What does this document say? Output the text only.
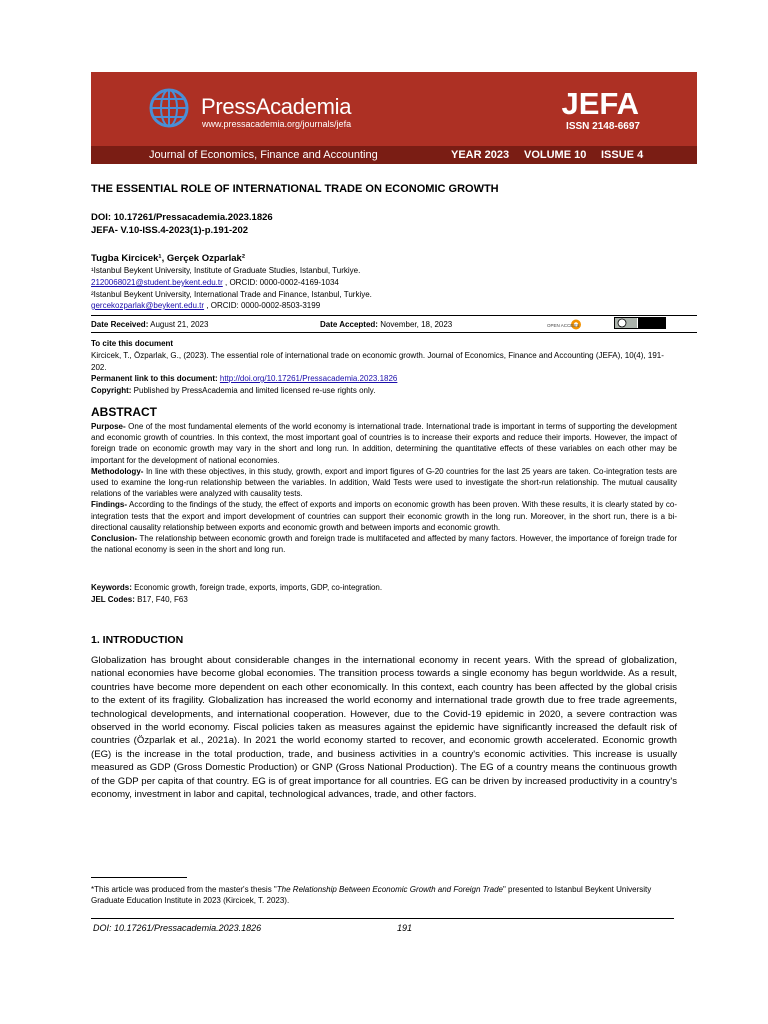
PressAcademia
www.pressacademia.org/journals/jefa
JEFA
ISSN 2148-6697
Journal of Economics, Finance and Accounting	YEAR 2023 VOLUME 10 ISSUE 4
THE ESSENTIAL ROLE OF INTERNATIONAL TRADE ON ECONOMIC GROWTH
DOI: 10.17261/Pressacademia.2023.1826
JEFA- V.10-ISS.4-2023(1)-p.191-202
Tugba Kircicek¹, Gerçek Ozparlak²
¹Istanbul Beykent University, Institute of Graduate Studies, Istanbul, Turkiye.
2120068021@student.beykent.edu.tr , ORCID: 0000-0002-4169-1034
²Istanbul Beykent University, International Trade and Finance, Istanbul, Turkiye.
gercekozparlak@beykent.edu.tr , ORCID: 0000-0002-8503-3199
Date Received: August 21, 2023	Date Accepted: November, 18, 2023	OPEN ACCESS
To cite this document
Kircicek, T., Özparlak, G., (2023). The essential role of international trade on economic growth. Journal of Economics, Finance and Accounting (JEFA), 10(4), 191-202.
Permanent link to this document: http://doi.org/10.17261/Pressacademia.2023.1826
Copyright: Published by PressAcademia and limited licensed re-use rights only.
ABSTRACT

Purpose- One of the most fundamental elements of the world economy is international trade. International trade is important in terms of supporting the development and economic growth of countries. In this context, the most important goal of countries is to increase their exports and reduce their imports. However, the impact of foreign trade on economic growth may vary in the short and long run. In addition, determining the quantitative effects of these variables on each other may be important for the development of national economies.

Methodology- In line with these objectives, in this study, growth, export and import figures of G-20 countries for the last 25 years are taken. Co-integration tests are used to examine the long-run relationship between the variables. In addition, Wald Tests were used to investigate the short-run relationship. The mutual causality relations of the variables were analyzed with causality tests.

Findings- According to the findings of the study, the effect of exports and imports on economic growth has been proven. With these results, it is clearly stated by co-integration tests that the export and import development of countries can support their economic growth in the long run. Moreover, in the short run, there is a bi-directional causality relationship between exports and economic growth and between imports and economic growth.

Conclusion- The relationship between economic growth and foreign trade is multifaceted and affected by many factors. However, the importance of foreign trade for the national economy is seen in the short and long run.

Keywords: Economic growth, foreign trade, exports, imports, GDP, co-integration.
JEL Codes: B17, F40, F63
1. INTRODUCTION
Globalization has brought about considerable changes in the international economy in recent years. With the spread of globalization, national economies have become global economies. The transition process towards a single economy has begun worldwide. As a result, countries have become more dependent on each other economically. In this context, each country has been affected by the global crisis to the extent of its fragility. Globalization has increased the world economy and international trade growth due to free trade agreements, technological developments, and international cooperation. However, due to the Covid-19 epidemic in 2020, a severe contraction was observed in the world economy. Fiscal policies taken as measures against the epidemic have significantly increased the default risk of countries (Özparlak et al., 2021a). In 2021 the world economy started to recover, and economic growth accelerated. Economic growth (EG) is the increase in the total production, trade, and business activities in a country's economic activities. This increase is usually measured as GDP (Gross Domestic Production) or GNP (Gross National Production). The EG of a country means the continuous growth of the GDP per capita of that country. EG is of great importance for all countries. EG can be driven by increased productivity in a country's economy, investment in labor and capital, technological advances, trade, and other factors.
*This article was produced from the master's thesis "The Relationship Between Economic Growth and Foreign Trade" presented to Istanbul Beykent University Graduate Education Institute in 2023 (Kircicek, T. 2023).
DOI: 10.17261/Pressacademia.2023.1826	191
